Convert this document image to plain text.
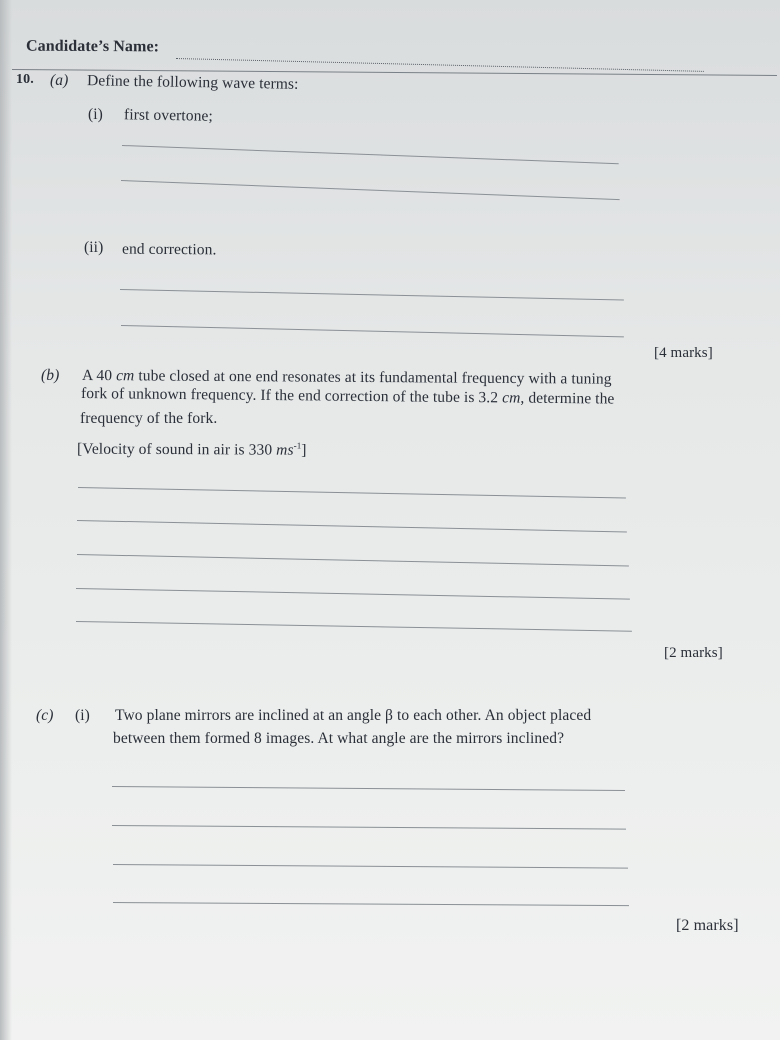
Candidate’s Name:
10. (a) Define the following wave terms:
(i) first overtone;
(ii) end correction.
[4 marks]
(b) A 40 cm tube closed at one end resonates at its fundamental frequency with a tuning
fork of unknown frequency. If the end correction of the tube is 3.2 cm, determine the
frequency of the fork.
[Velocity of sound in air is 330 $ms^{-1}$]
[2 marks]
(c) (i) Two plane mirrors are inclined at an angle β to each other. An object placed
between them formed 8 images. At what angle are the mirrors inclined?
[2 marks]
